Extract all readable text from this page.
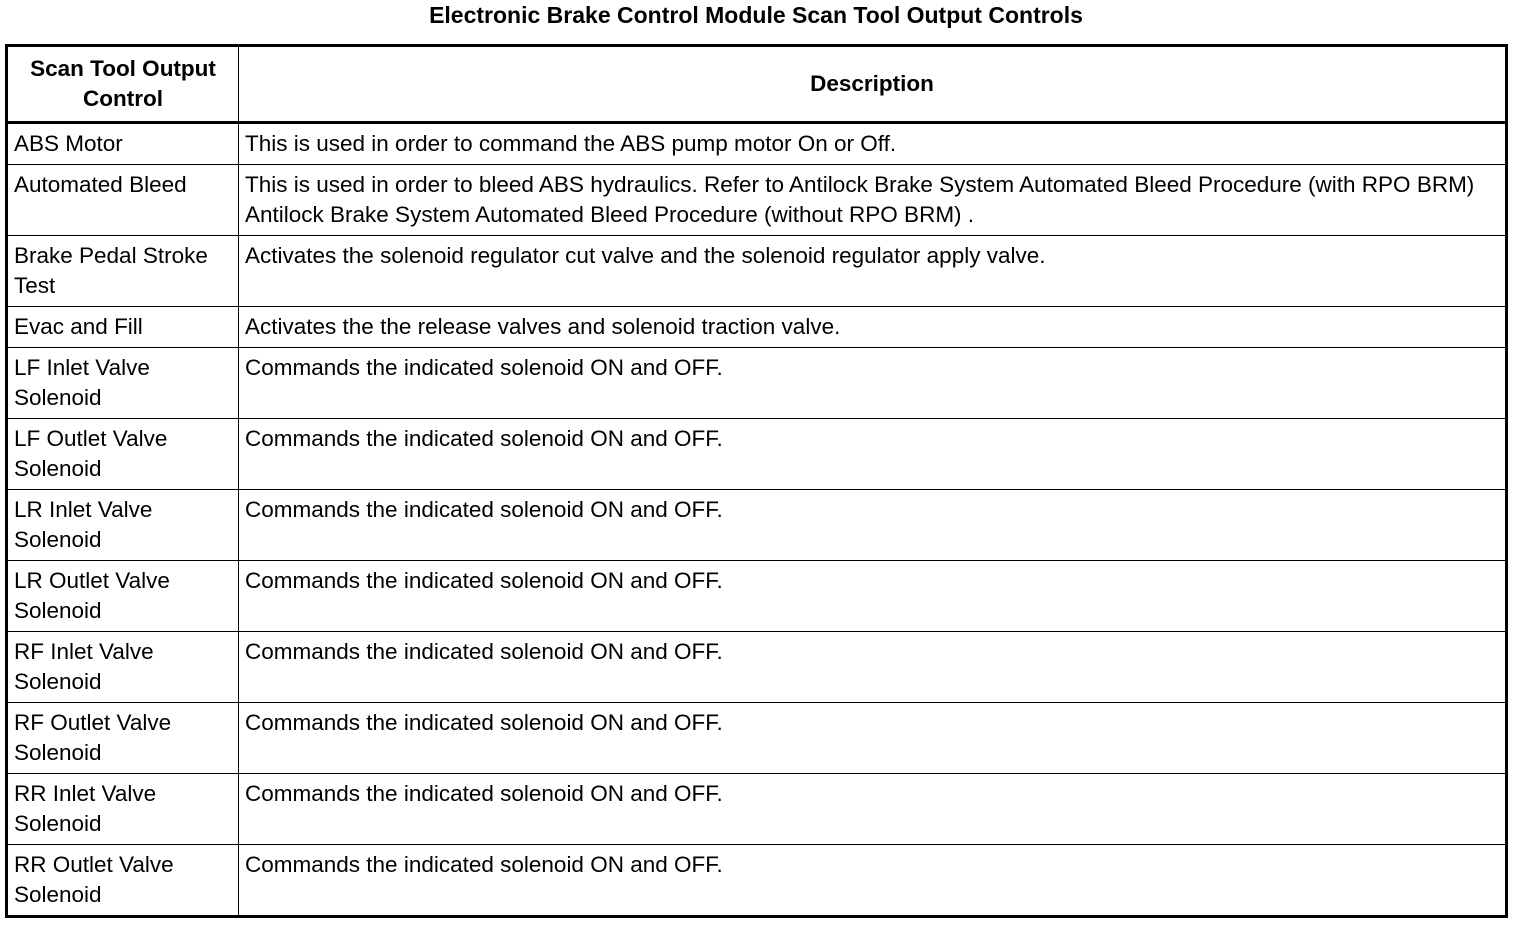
Electronic Brake Control Module Scan Tool Output Controls
Scan Tool Output Control	Description
ABS Motor	This is used in order to command the ABS pump motor On or Off.
Automated Bleed	This is used in order to bleed ABS hydraulics. Refer to Antilock Brake System Automated Bleed Procedure (with RPO BRM) Antilock Brake System Automated Bleed Procedure (without RPO BRM) .
Brake Pedal Stroke Test	Activates the solenoid regulator cut valve and the solenoid regulator apply valve.
Evac and Fill	Activates the the release valves and solenoid traction valve.
LF Inlet Valve Solenoid	Commands the indicated solenoid ON and OFF.
LF Outlet Valve Solenoid	Commands the indicated solenoid ON and OFF.
LR Inlet Valve Solenoid	Commands the indicated solenoid ON and OFF.
LR Outlet Valve Solenoid	Commands the indicated solenoid ON and OFF.
RF Inlet Valve Solenoid	Commands the indicated solenoid ON and OFF.
RF Outlet Valve Solenoid	Commands the indicated solenoid ON and OFF.
RR Inlet Valve Solenoid	Commands the indicated solenoid ON and OFF.
RR Outlet Valve Solenoid	Commands the indicated solenoid ON and OFF.
